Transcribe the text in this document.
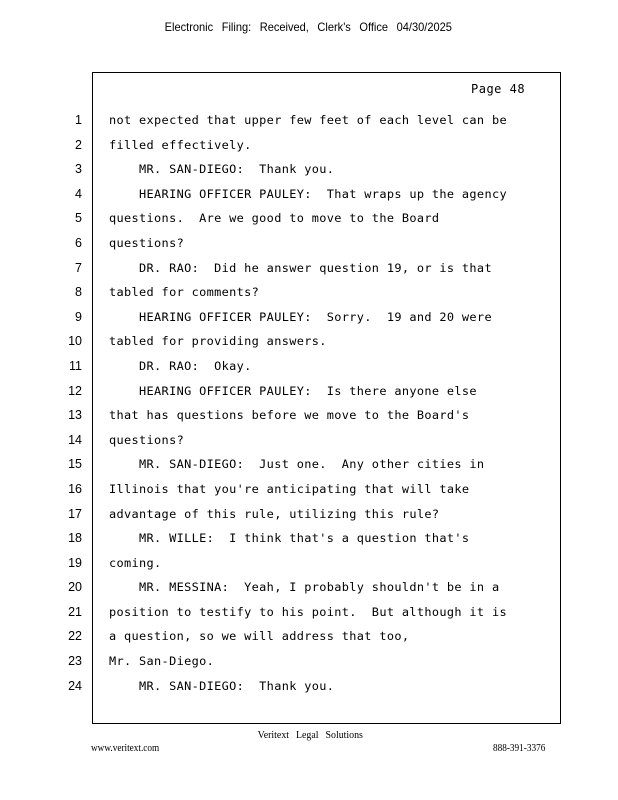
Electronic Filing: Received, Clerk's Office 04/30/2025
Page 48
1 not expected that upper few feet of each level can be
2 filled effectively.
3 MR. SAN-DIEGO:  Thank you.
4 HEARING OFFICER PAULEY:  That wraps up the agency
5 questions.  Are we good to move to the Board
6 questions?
7 DR. RAO:  Did he answer question 19, or is that
8 tabled for comments?
9 HEARING OFFICER PAULEY:  Sorry.  19 and 20 were
10 tabled for providing answers.
11 DR. RAO:  Okay.
12 HEARING OFFICER PAULEY:  Is there anyone else
13 that has questions before we move to the Board's
14 questions?
15 MR. SAN-DIEGO:  Just one.  Any other cities in
16 Illinois that you're anticipating that will take
17 advantage of this rule, utilizing this rule?
18 MR. WILLE:  I think that's a question that's
19 coming.
20 MR. MESSINA:  Yeah, I probably shouldn't be in a
21 position to testify to his point.  But although it is
22 a question, so we will address that too,
23 Mr. San-Diego.
24 MR. SAN-DIEGO:  Thank you.
Veritext Legal Solutions
www.veritext.com	888-391-3376
